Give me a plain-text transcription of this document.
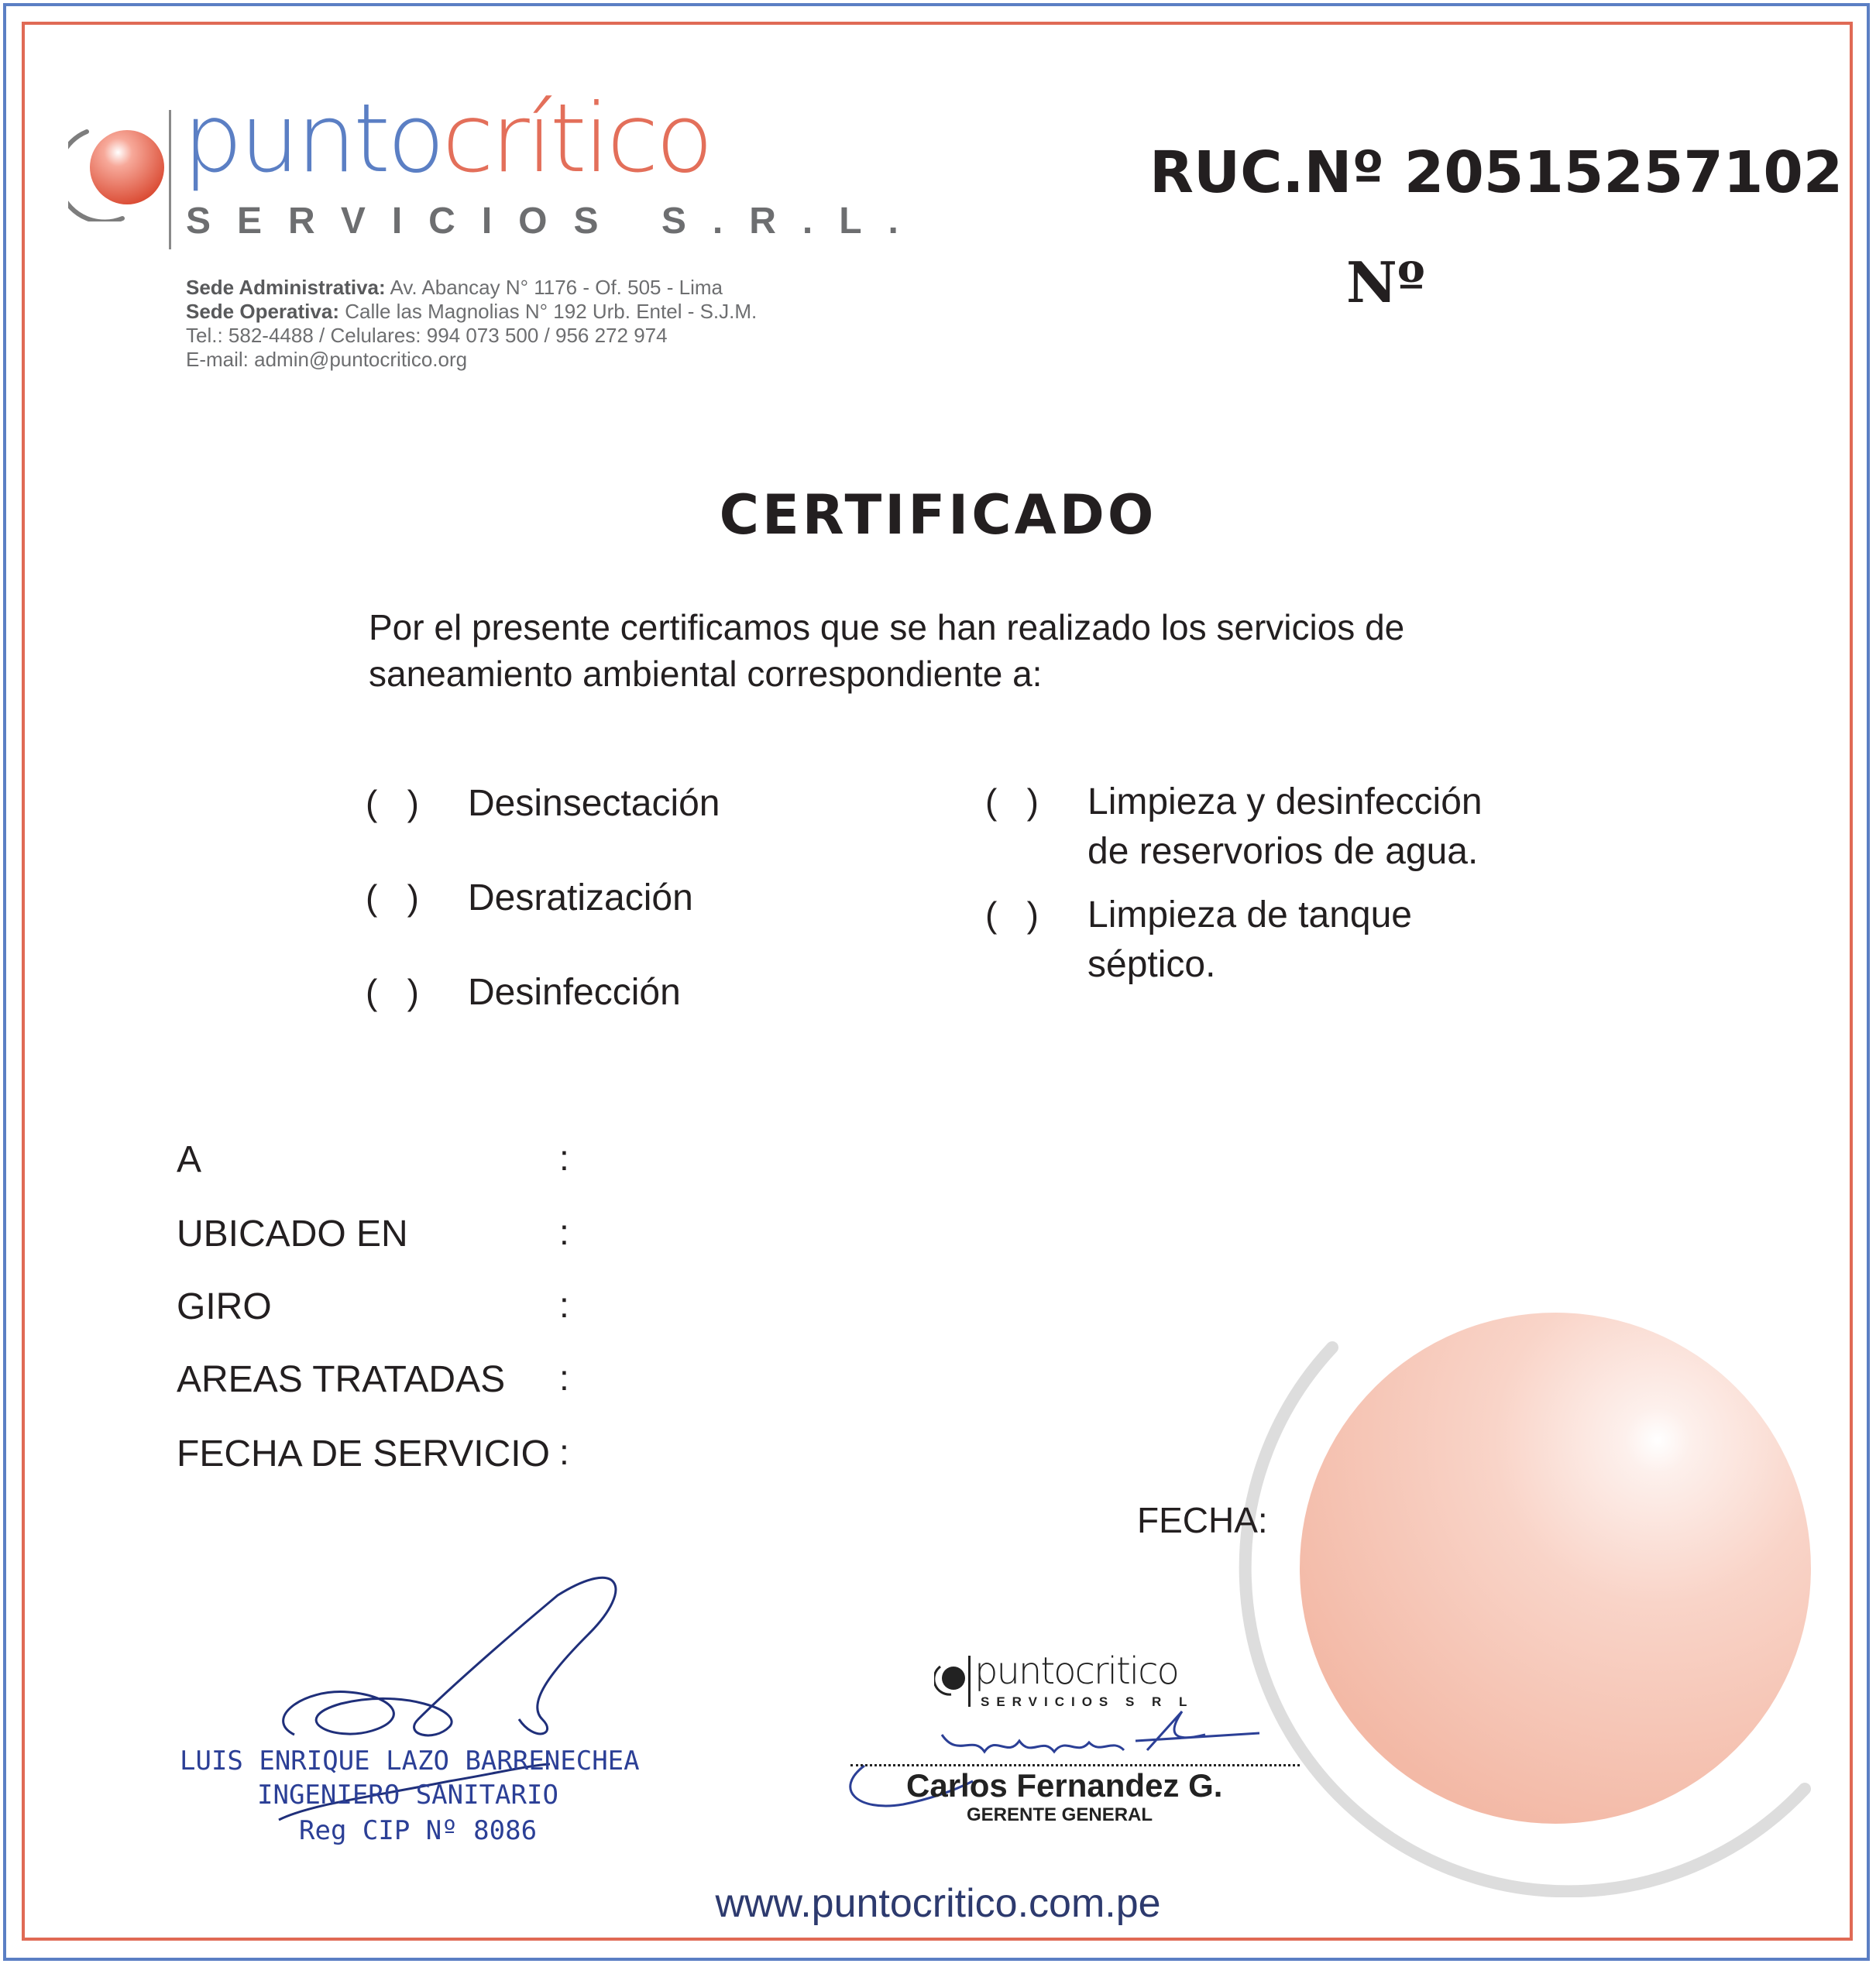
puntocrítico
SERVICIOS S.R.L.
Sede Administrativa: Av. Abancay N° 1176 - Of. 505 - Lima
Sede Operativa: Calle las Magnolias N° 192 Urb. Entel - S.J.M.
Tel.: 582-4488 / Celulares: 994 073 500 / 956 272 974
E-mail: admin@puntocritico.org
RUC.Nº 20515257102
Nº
CERTIFICADO
Por el presente certificamos que se han realizado los servicios de saneamiento ambiental correspondiente a:
(   ) Desinsectación
(   ) Desratización
(   ) Desinfección
(   ) Limpieza y desinfección
de reservorios de agua.
(   ) Limpieza de tanque
séptico.
A	:
UBICADO EN	:
GIRO	:
AREAS TRATADAS :
FECHA DE SERVICIO :
FECHA:
LUIS ENRIQUE LAZO BARRENECHEA
INGENIERO SANITARIO
Reg CIP Nº 8086
puntocritico
SERVICIOS S R L
Carlos Fernandez G.
GERENTE GENERAL
www.puntocritico.com.pe
